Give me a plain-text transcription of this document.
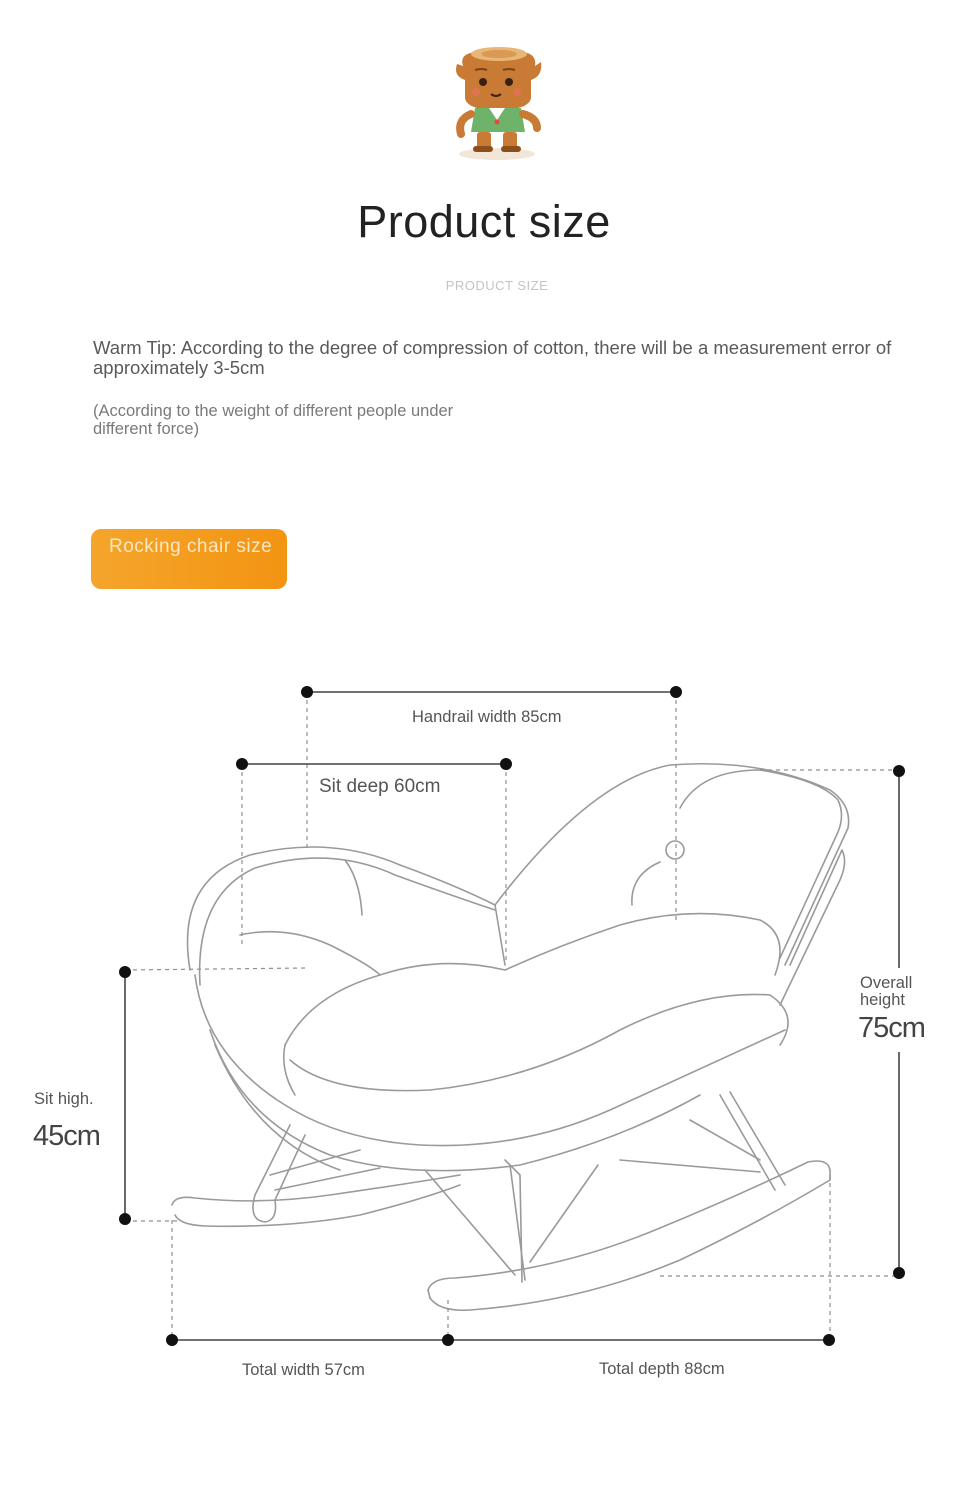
Product size
PRODUCT SIZE
Warm Tip: According to the degree of compression of cotton, there will be a measurement error of approximately 3-5cm
(According to the weight of different people under different force)
Rocking chair size
Handrail width 85cm
Sit deep 60cm
Overall height
75cm
Sit high.
45cm
Total width 57cm	Total depth 88cm
